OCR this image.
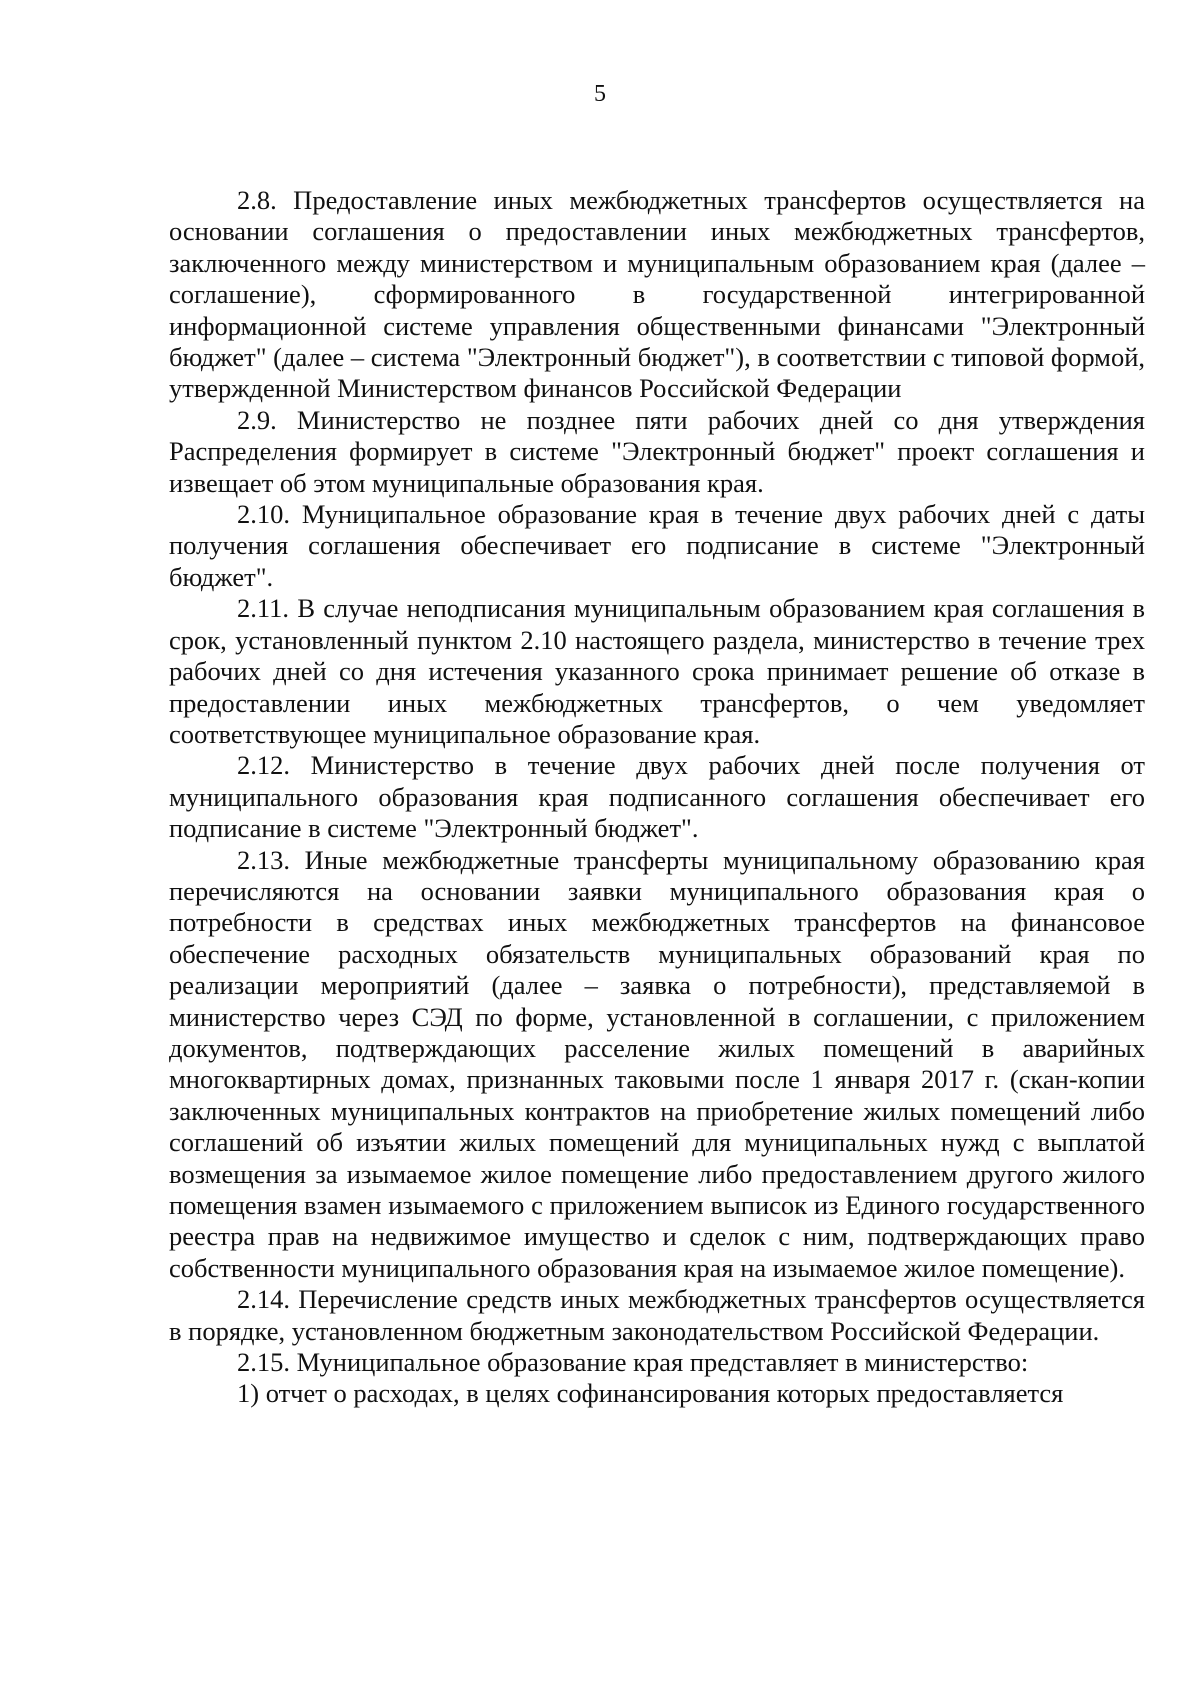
5

2.8. Предоставление иных межбюджетных трансфертов осуществляется на основании соглашения о предоставлении иных межбюджетных трансфертов, заключенного между министерством и муниципальным образованием края (далее – соглашение), сформированного в государственной интегрированной информационной системе управления общественными финансами "Электронный бюджет" (далее – система "Электронный бюджет"), в соответствии с типовой формой, утвержденной Министерством финансов Российской Федерации

2.9. Министерство не позднее пяти рабочих дней со дня утверждения Распределения формирует в системе "Электронный бюджет" проект соглашения и извещает об этом муниципальные образования края.

2.10. Муниципальное образование края в течение двух рабочих дней с даты получения соглашения обеспечивает его подписание в системе "Электронный бюджет".

2.11. В случае неподписания муниципальным образованием края соглашения в срок, установленный пунктом 2.10 настоящего раздела, министерство в течение трех рабочих дней со дня истечения указанного срока принимает решение об отказе в предоставлении иных межбюджетных трансфертов, о чем уведомляет соответствующее муниципальное образование края.

2.12. Министерство в течение двух рабочих дней после получения от муниципального образования края подписанного соглашения обеспечивает его подписание в системе "Электронный бюджет".

2.13. Иные межбюджетные трансферты муниципальному образованию края перечисляются на основании заявки муниципального образования края о потребности в средствах иных межбюджетных трансфертов на финансовое обеспечение расходных обязательств муниципальных образований края по реализации мероприятий (далее – заявка о потребности), представляемой в министерство через СЭД по форме, установленной в соглашении, с приложением документов, подтверждающих расселение жилых помещений в аварийных многоквартирных домах, признанных таковыми после 1 января 2017 г. (скан-копии заключенных муниципальных контрактов на приобретение жилых помещений либо соглашений об изъятии жилых помещений для муниципальных нужд с выплатой возмещения за изымаемое жилое помещение либо предоставлением другого жилого помещения взамен изымаемого с приложением выписок из Единого государственного реестра прав на недвижимое имущество и сделок с ним, подтверждающих право собственности муниципального образования края на изымаемое жилое помещение).

2.14. Перечисление средств иных межбюджетных трансфертов осуществляется в порядке, установленном бюджетным законодательством Российской Федерации.

2.15. Муниципальное образование края представляет в министерство:

1) отчет о расходах, в целях софинансирования которых предоставляется
